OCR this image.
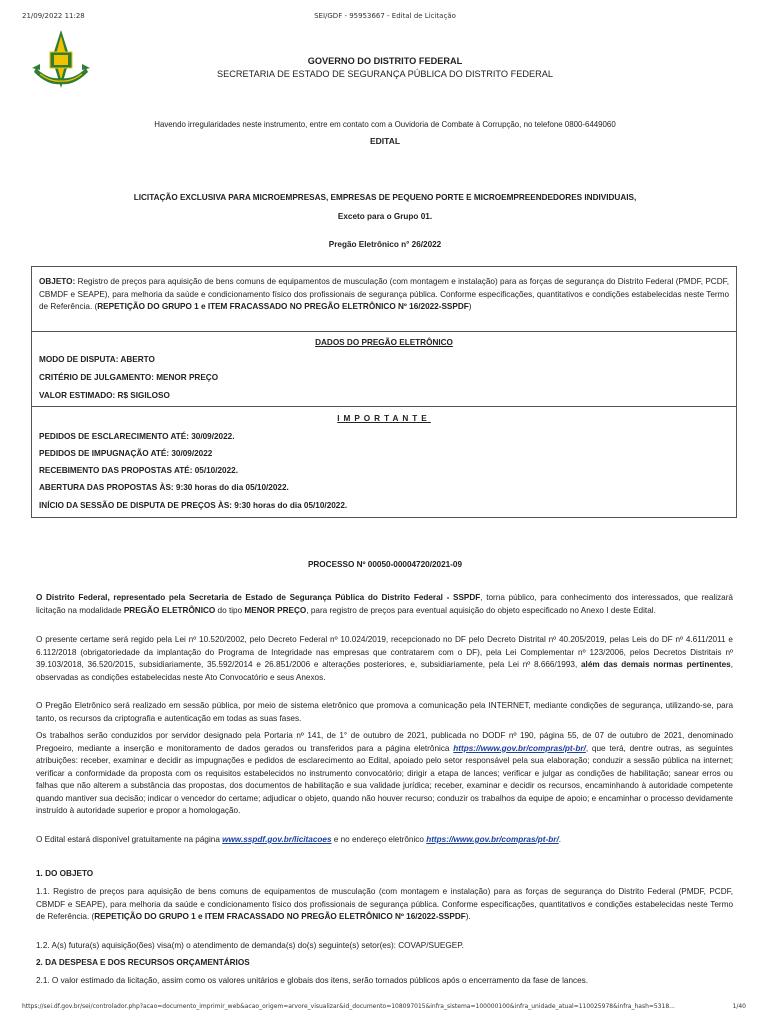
21/09/2022 11:28	SEI/GDF - 95953667 - Edital de Licitação
GOVERNO DO DISTRITO FEDERAL
SECRETARIA DE ESTADO DE SEGURANÇA PÚBLICA DO DISTRITO FEDERAL
Havendo irregularidades neste instrumento, entre em contato com a Ouvidoria de Combate à Corrupção, no telefone 0800-6449060
EDITAL
LICITAÇÃO EXCLUSIVA PARA MICROEMPRESAS, EMPRESAS DE PEQUENO PORTE E MICROEMPREENDEDORES INDIVIDUAIS,
Exceto para o Grupo 01.
Pregão Eletrônico n° 26/2022
OBJETO: Registro de preços para aquisição de bens comuns de equipamentos de musculação (com montagem e instalação) para as forças de segurança do Distrito Federal (PMDF, PCDF, CBMDF e SEAPE), para melhoria da saúde e condicionamento físico dos profissionais de segurança pública. Conforme especificações, quantitativos e condições estabelecidas neste Termo de Referência. (REPETIÇÃO DO GRUPO 1 e ITEM FRACASSADO NO PREGÃO ELETRÔNICO Nº 16/2022-SSPDF)
DADOS DO PREGÃO ELETRÔNICO
MODO DE DISPUTA: ABERTO
CRITÉRIO DE JULGAMENTO: MENOR PREÇO
VALOR ESTIMADO: R$ SIGILOSO
IMPORTANTE
PEDIDOS DE ESCLARECIMENTO ATÉ: 30/09/2022.
PEDIDOS DE IMPUGNAÇÃO ATÉ: 30/09/2022
RECEBIMENTO DAS PROPOSTAS ATÉ: 05/10/2022.
ABERTURA DAS PROPOSTAS ÀS: 9:30 horas do dia 05/10/2022.
INÍCIO DA SESSÃO DE DISPUTA DE PREÇOS ÀS: 9:30 horas do dia 05/10/2022.
PROCESSO Nº 00050-00004720/2021-09
O Distrito Federal, representado pela Secretaria de Estado de Segurança Pública do Distrito Federal - SSPDF, torna público, para conhecimento dos interessados, que realizará licitação na modalidade PREGÃO ELETRÔNICO do tipo MENOR PREÇO, para registro de preços para eventual aquisição do objeto especificado no Anexo I deste Edital.
O presente certame será regido pela Lei nº 10.520/2002, pelo Decreto Federal nº 10.024/2019, recepcionado no DF pelo Decreto Distrital nº 40.205/2019, pelas Leis do DF nº 4.611/2011 e 6.112/2018 (obrigatoriedade da implantação do Programa de Integridade nas empresas que contratarem com o DF), pela Lei Complementar nº 123/2006, pelos Decretos Distritais nº 39.103/2018, 36.520/2015, subsidiariamente, 35.592/2014 e 26.851/2006 e alterações posteriores, e, subsidiariamente, pela Lei nº 8.666/1993, além das demais normas pertinentes, observadas as condições estabelecidas neste Ato Convocatório e seus Anexos.
O Pregão Eletrônico será realizado em sessão pública, por meio de sistema eletrônico que promova a comunicação pela INTERNET, mediante condições de segurança, utilizando-se, para tanto, os recursos da criptografia e autenticação em todas as suas fases.
Os trabalhos serão conduzidos por servidor designado pela Portaria nº 141, de 1° de outubro de 2021, publicada no DODF nº 190, página 55, de 07 de outubro de 2021, denominado Pregoeiro, mediante a inserção e monitoramento de dados gerados ou transferidos para a página eletrônica https://www.gov.br/compras/pt-br/, que terá, dentre outras, as seguintes atribuições: receber, examinar e decidir as impugnações e pedidos de esclarecimento ao Edital, apoiado pelo setor responsável pela sua elaboração; conduzir a sessão pública na internet; verificar a conformidade da proposta com os requisitos estabelecidos no instrumento convocatório; dirigir a etapa de lances; verificar e julgar as condições de habilitação; sanear erros ou falhas que não alterem a substância das propostas, dos documentos de habilitação e sua validade jurídica; receber, examinar e decidir os recursos, encaminhando à autoridade competente quando mantiver sua decisão; indicar o vencedor do certame; adjudicar o objeto, quando não houver recurso; conduzir os trabalhos da equipe de apoio; e encaminhar o processo devidamente instruído à autoridade superior e propor a homologação.
O Edital estará disponível gratuitamente na página www.sspdf.gov.br/licitacoes e no endereço eletrônico https://www.gov.br/compras/pt-br/.
1. DO OBJETO
1.1. Registro de preços para aquisição de bens comuns de equipamentos de musculação (com montagem e instalação) para as forças de segurança do Distrito Federal (PMDF, PCDF, CBMDF e SEAPE), para melhoria da saúde e condicionamento físico dos profissionais de segurança pública. Conforme especificações, quantitativos e condições estabelecidas neste Termo de Referência. (REPETIÇÃO DO GRUPO 1 e ITEM FRACASSADO NO PREGÃO ELETRÔNICO Nº 16/2022-SSPDF).
1.2. A(s) futura(s) aquisição(ões) visa(m) o atendimento de demanda(s) do(s) seguinte(s) setor(es): COVAP/SUEGEP.
2. DA DESPESA E DOS RECURSOS ORÇAMENTÁRIOS
2.1. O valor estimado da licitação, assim como os valores unitários e globais dos itens, serão tornados públicos após o encerramento da fase de lances.
https://sei.df.gov.br/sei/controlador.php?acao=documento_imprimir_web&acao_origem=arvore_visualizar&id_documento=108097015&infra_sistema=100000100&infra_unidade_atual=110025978&infra_hash=5318...	1/40
